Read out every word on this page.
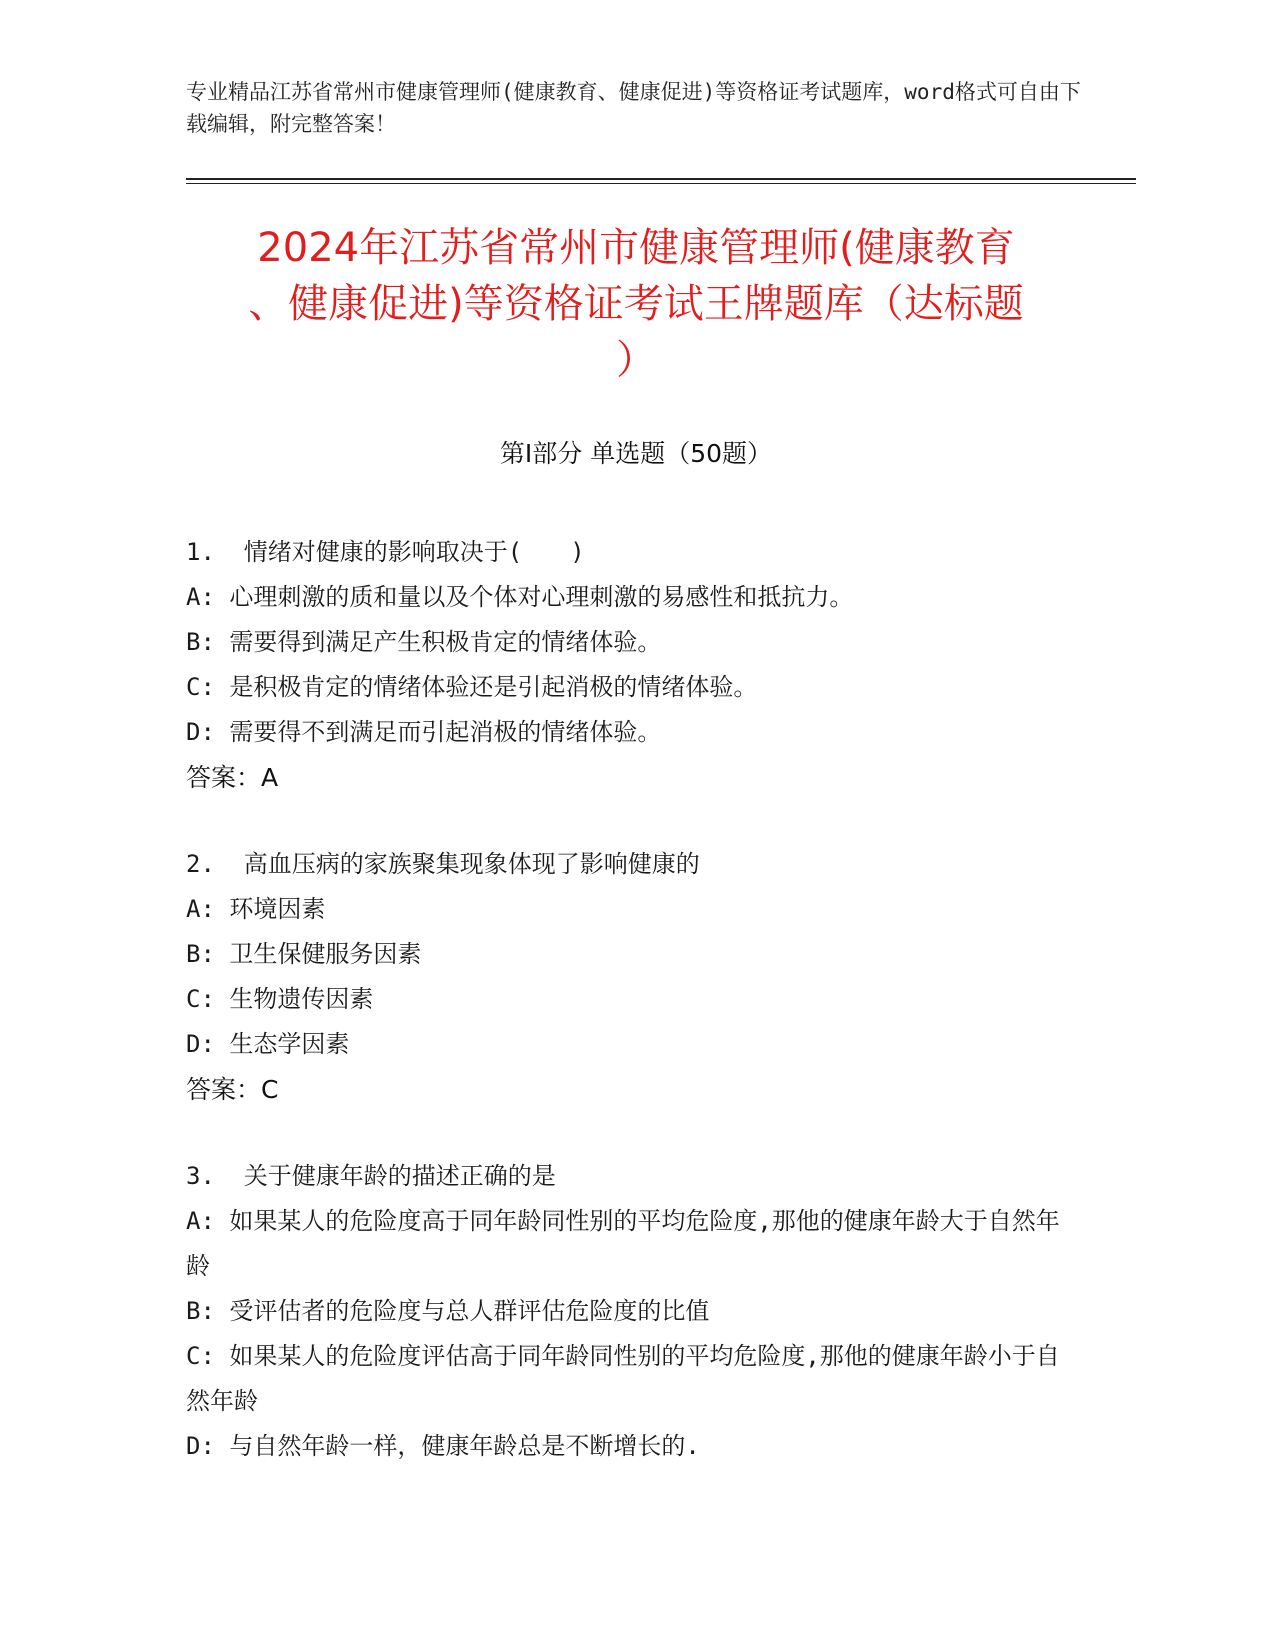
专业精品江苏省常州市健康管理师(健康教育、健康促进)等资格证考试题库，word格式可自由下载编辑，附完整答案！
2024年江苏省常州市健康管理师(健康教育
、健康促进)等资格证考试王牌题库（达标题
）
第Ⅰ部分 单选题（50题）
1.  情绪对健康的影响取决于(　　)
A: 心理刺激的质和量以及个体对心理刺激的易感性和抵抗力。
B: 需要得到满足产生积极肯定的情绪体验。
C: 是积极肯定的情绪体验还是引起消极的情绪体验。
D: 需要得不到满足而引起消极的情绪体验。
答案：A
2.  高血压病的家族聚集现象体现了影响健康的
A: 环境因素
B: 卫生保健服务因素
C: 生物遗传因素
D: 生态学因素
答案：C
3.  关于健康年龄的描述正确的是
A: 如果某人的危险度高于同年龄同性别的平均危险度,那他的健康年龄大于自然年龄
B: 受评估者的危险度与总人群评估危险度的比值
C: 如果某人的危险度评估高于同年龄同性别的平均危险度,那他的健康年龄小于自然年龄
D: 与自然年龄一样，健康年龄总是不断增长的.
